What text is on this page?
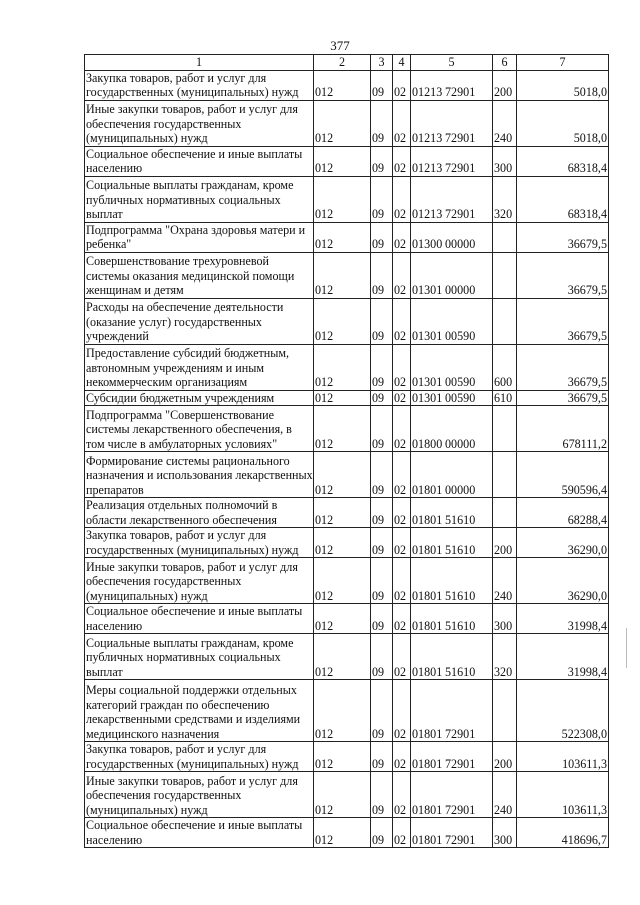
377
1	2	3	4	5	6	7
Закупка товаров, работ и услуг для государственных (муниципальных) нужд	012	09	02	01213 72901	200	5018,0
Иные закупки товаров, работ и услуг для обеспечения государственных (муниципальных) нужд	012	09	02	01213 72901	240	5018,0
Социальное обеспечение и иные выплаты населению	012	09	02	01213 72901	300	68318,4
Социальные выплаты гражданам, кроме публичных нормативных социальных выплат	012	09	02	01213 72901	320	68318,4
Подпрограмма "Охрана здоровья матери и ребенка"	012	09	02	01300 00000		36679,5
Совершенствование трехуровневой системы оказания медицинской помощи женщинам и детям	012	09	02	01301 00000		36679,5
Расходы на обеспечение деятельности (оказание услуг) государственных учреждений	012	09	02	01301 00590		36679,5
Предоставление субсидий бюджетным, автономным учреждениям и иным некоммерческим организациям	012	09	02	01301 00590	600	36679,5
Субсидии бюджетным учреждениям	012	09	02	01301 00590	610	36679,5
Подпрограмма "Совершенствование системы лекарственного обеспечения, в том числе в амбулаторных условиях"	012	09	02	01800 00000		678111,2
Формирование системы рационального назначения и использования лекарственных препаратов	012	09	02	01801 00000		590596,4
Реализация отдельных полномочий в области лекарственного обеспечения	012	09	02	01801 51610		68288,4
Закупка товаров, работ и услуг для государственных (муниципальных) нужд	012	09	02	01801 51610	200	36290,0
Иные закупки товаров, работ и услуг для обеспечения государственных (муниципальных) нужд	012	09	02	01801 51610	240	36290,0
Социальное обеспечение и иные выплаты населению	012	09	02	01801 51610	300	31998,4
Социальные выплаты гражданам, кроме публичных нормативных социальных выплат	012	09	02	01801 51610	320	31998,4
Меры социальной поддержки отдельных категорий граждан по обеспечению лекарственными средствами и изделиями медицинского назначения	012	09	02	01801 72901		522308,0
Закупка товаров, работ и услуг для государственных (муниципальных) нужд	012	09	02	01801 72901	200	103611,3
Иные закупки товаров, работ и услуг для обеспечения государственных (муниципальных) нужд	012	09	02	01801 72901	240	103611,3
Социальное обеспечение и иные выплаты населению	012	09	02	01801 72901	300	418696,7
